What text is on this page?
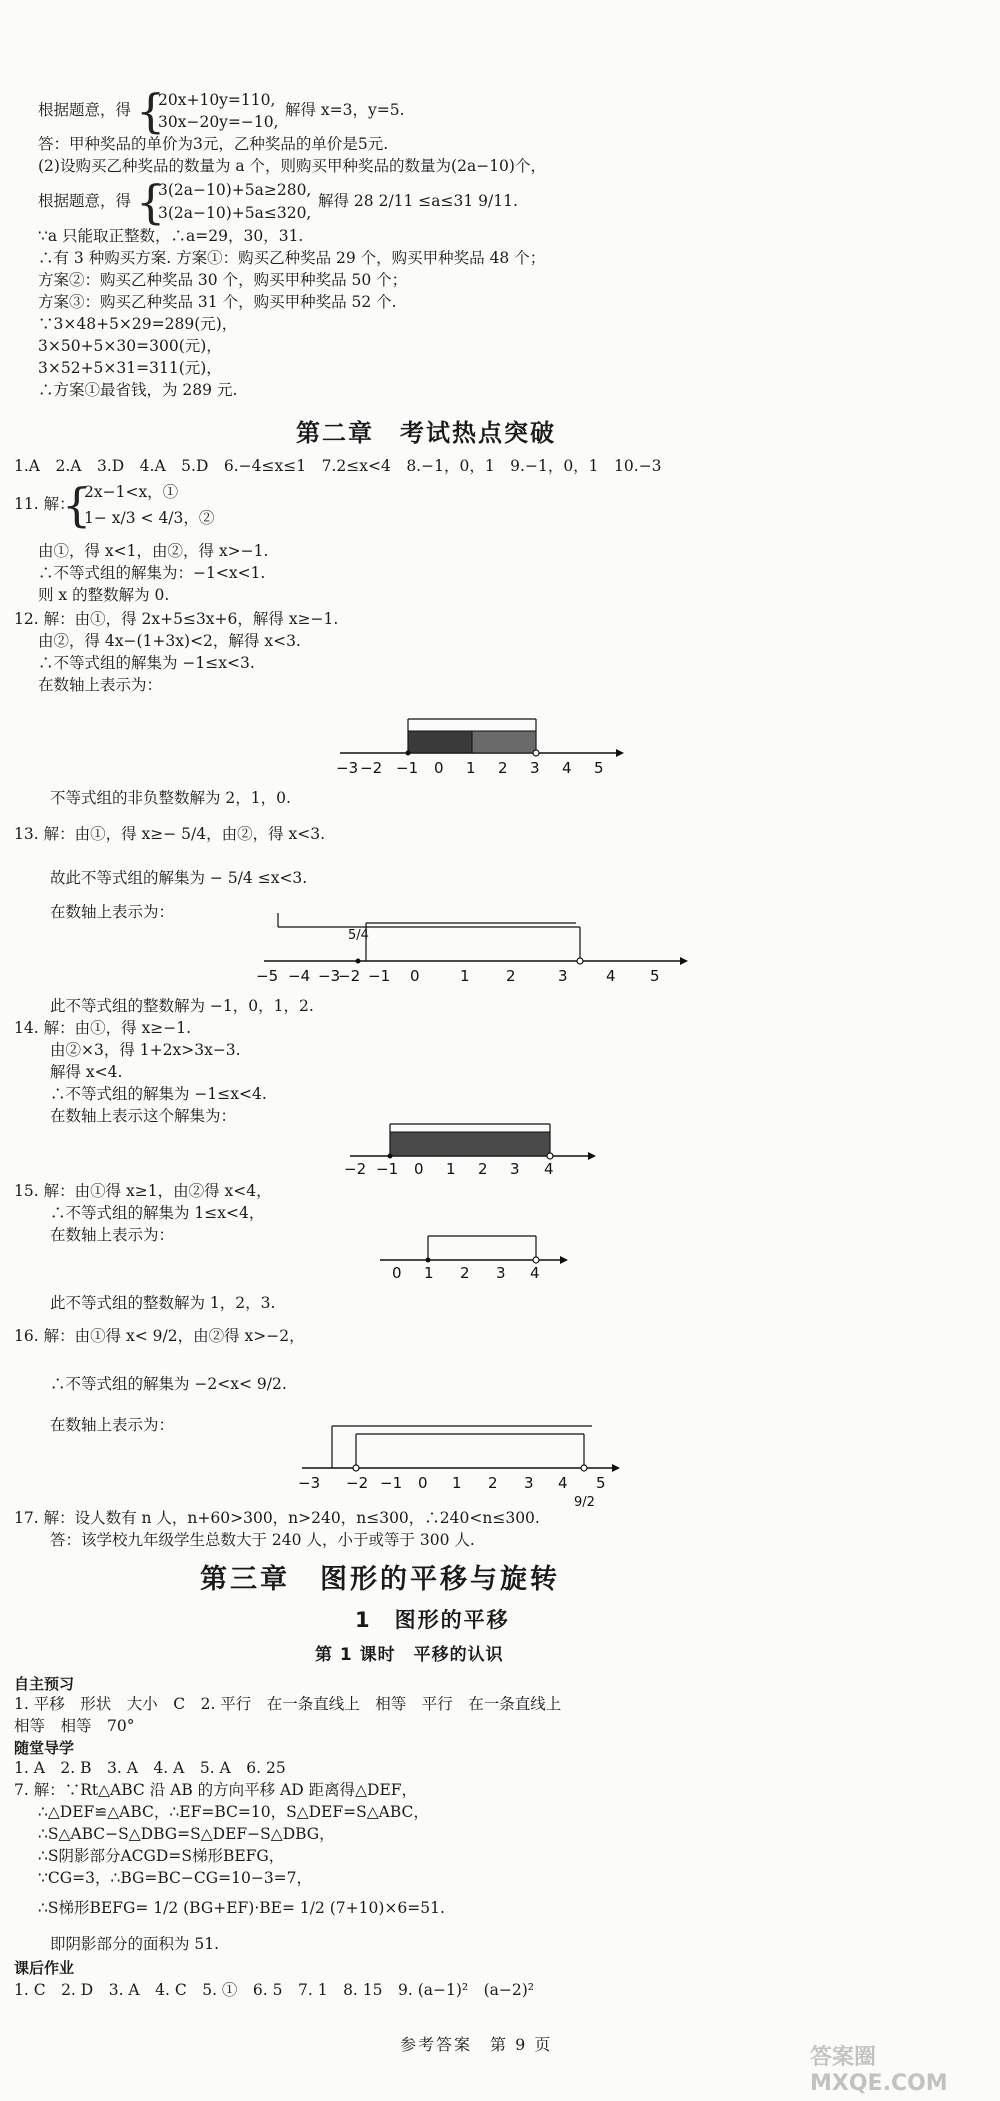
根据题意，得 {
20x+10y=110,
30x−20y=−10,
解得 x=3，y=5.
答：甲种奖品的单价为3元，乙种奖品的单价是5元.
(2)设购买乙种奖品的数量为 a 个，则购买甲种奖品的数量为(2a−10)个，
根据题意，得 {
3(2a−10)+5a≥280,
3(2a−10)+5a≤320,
解得 28 2/11 ≤a≤31 9/11.
∵a 只能取正整数，∴a=29，30，31.
∴有 3 种购买方案. 方案①：购买乙种奖品 29 个，购买甲种奖品 48 个；
方案②：购买乙种奖品 30 个，购买甲种奖品 50 个；
方案③：购买乙种奖品 31 个，购买甲种奖品 52 个.
∵3×48+5×29=289(元)，
3×50+5×30=300(元)，
3×52+5×31=311(元)，
∴方案①最省钱，为 289 元.
第二章　考试热点突破
1.A　2.A　3.D　4.A　5.D　6.−4≤x≤1　7.2≤x<4　8.−1，0，1　9.−1，0，1　10.−3
11. 解：
{
2x−1<x，①
1− x/3 < 4/3，②
由①，得 x<1，由②，得 x>−1.
∴不等式组的解集为：−1<x<1.
则 x 的整数解为 0.
12. 解：由①，得 2x+5≤3x+6，解得 x≥−1.
由②，得 4x−(1+3x)<2，解得 x<3.
∴不等式组的解集为 −1≤x<3.
在数轴上表示为：
−3 −2 −1 0 1 2 3 4 5
不等式组的非负整数解为 2，1，0.
13. 解：由①，得 x≥− 5/4，由②，得 x<3.
故此不等式组的解集为 − 5/4 ≤x<3.
在数轴上表示为：
5/4
−5 −4 −3
−2 −1 0	1 2	3	4 5
此不等式组的整数解为 −1，0，1，2.
14. 解：由①，得 x≥−1.
由②×3，得 1+2x>3x−3.
解得 x<4.
∴不等式组的解集为 −1≤x<4.
在数轴上表示这个解集为：
−2 −1 0 1 2 3 4
15. 解：由①得 x≥1，由②得 x<4，
∴不等式组的解集为 1≤x<4，
在数轴上表示为：
0 1 2 3 4
此不等式组的整数解为 1，2，3.
16. 解：由①得 x< 9/2，由②得 x>−2，
∴不等式组的解集为 −2<x< 9/2.
在数轴上表示为：
−3 −2 −1 0 1 2 3 4 5
9/2
17. 解：设人数有 n 人，n+60>300，n>240，n≤300，∴240<n≤300.
答：该学校九年级学生总数大于 240 人，小于或等于 300 人.
第三章　图形的平移与旋转
1　图形的平移
第 1 课时　平移的认识
自主预习
1. 平移　形状　大小　C　2. 平行　在一条直线上　相等　平行　在一条直线上
相等　相等　70°
随堂导学
1. A　2. B　3. A　4. A　5. A　6. 25
7. 解：∵Rt△ABC 沿 AB 的方向平移 AD 距离得△DEF，
∴△DEF≌△ABC，∴EF=BC=10，S△DEF=S△ABC，
∴S△ABC−S△DBG=S△DEF−S△DBG，
∴S阴影部分ACGD=S梯形BEFG，
∵CG=3，∴BG=BC−CG=10−3=7，
∴S梯形BEFG= 1/2 (BG+EF)·BE= 1/2 (7+10)×6=51.
即阴影部分的面积为 51.
课后作业
1. C　2. D　3. A　4. C　5. ①　6. 5　7. 1　8. 15　9. (a−1)²　(a−2)²
参考答案　第 9 页
答案圈 MXQE.COM
